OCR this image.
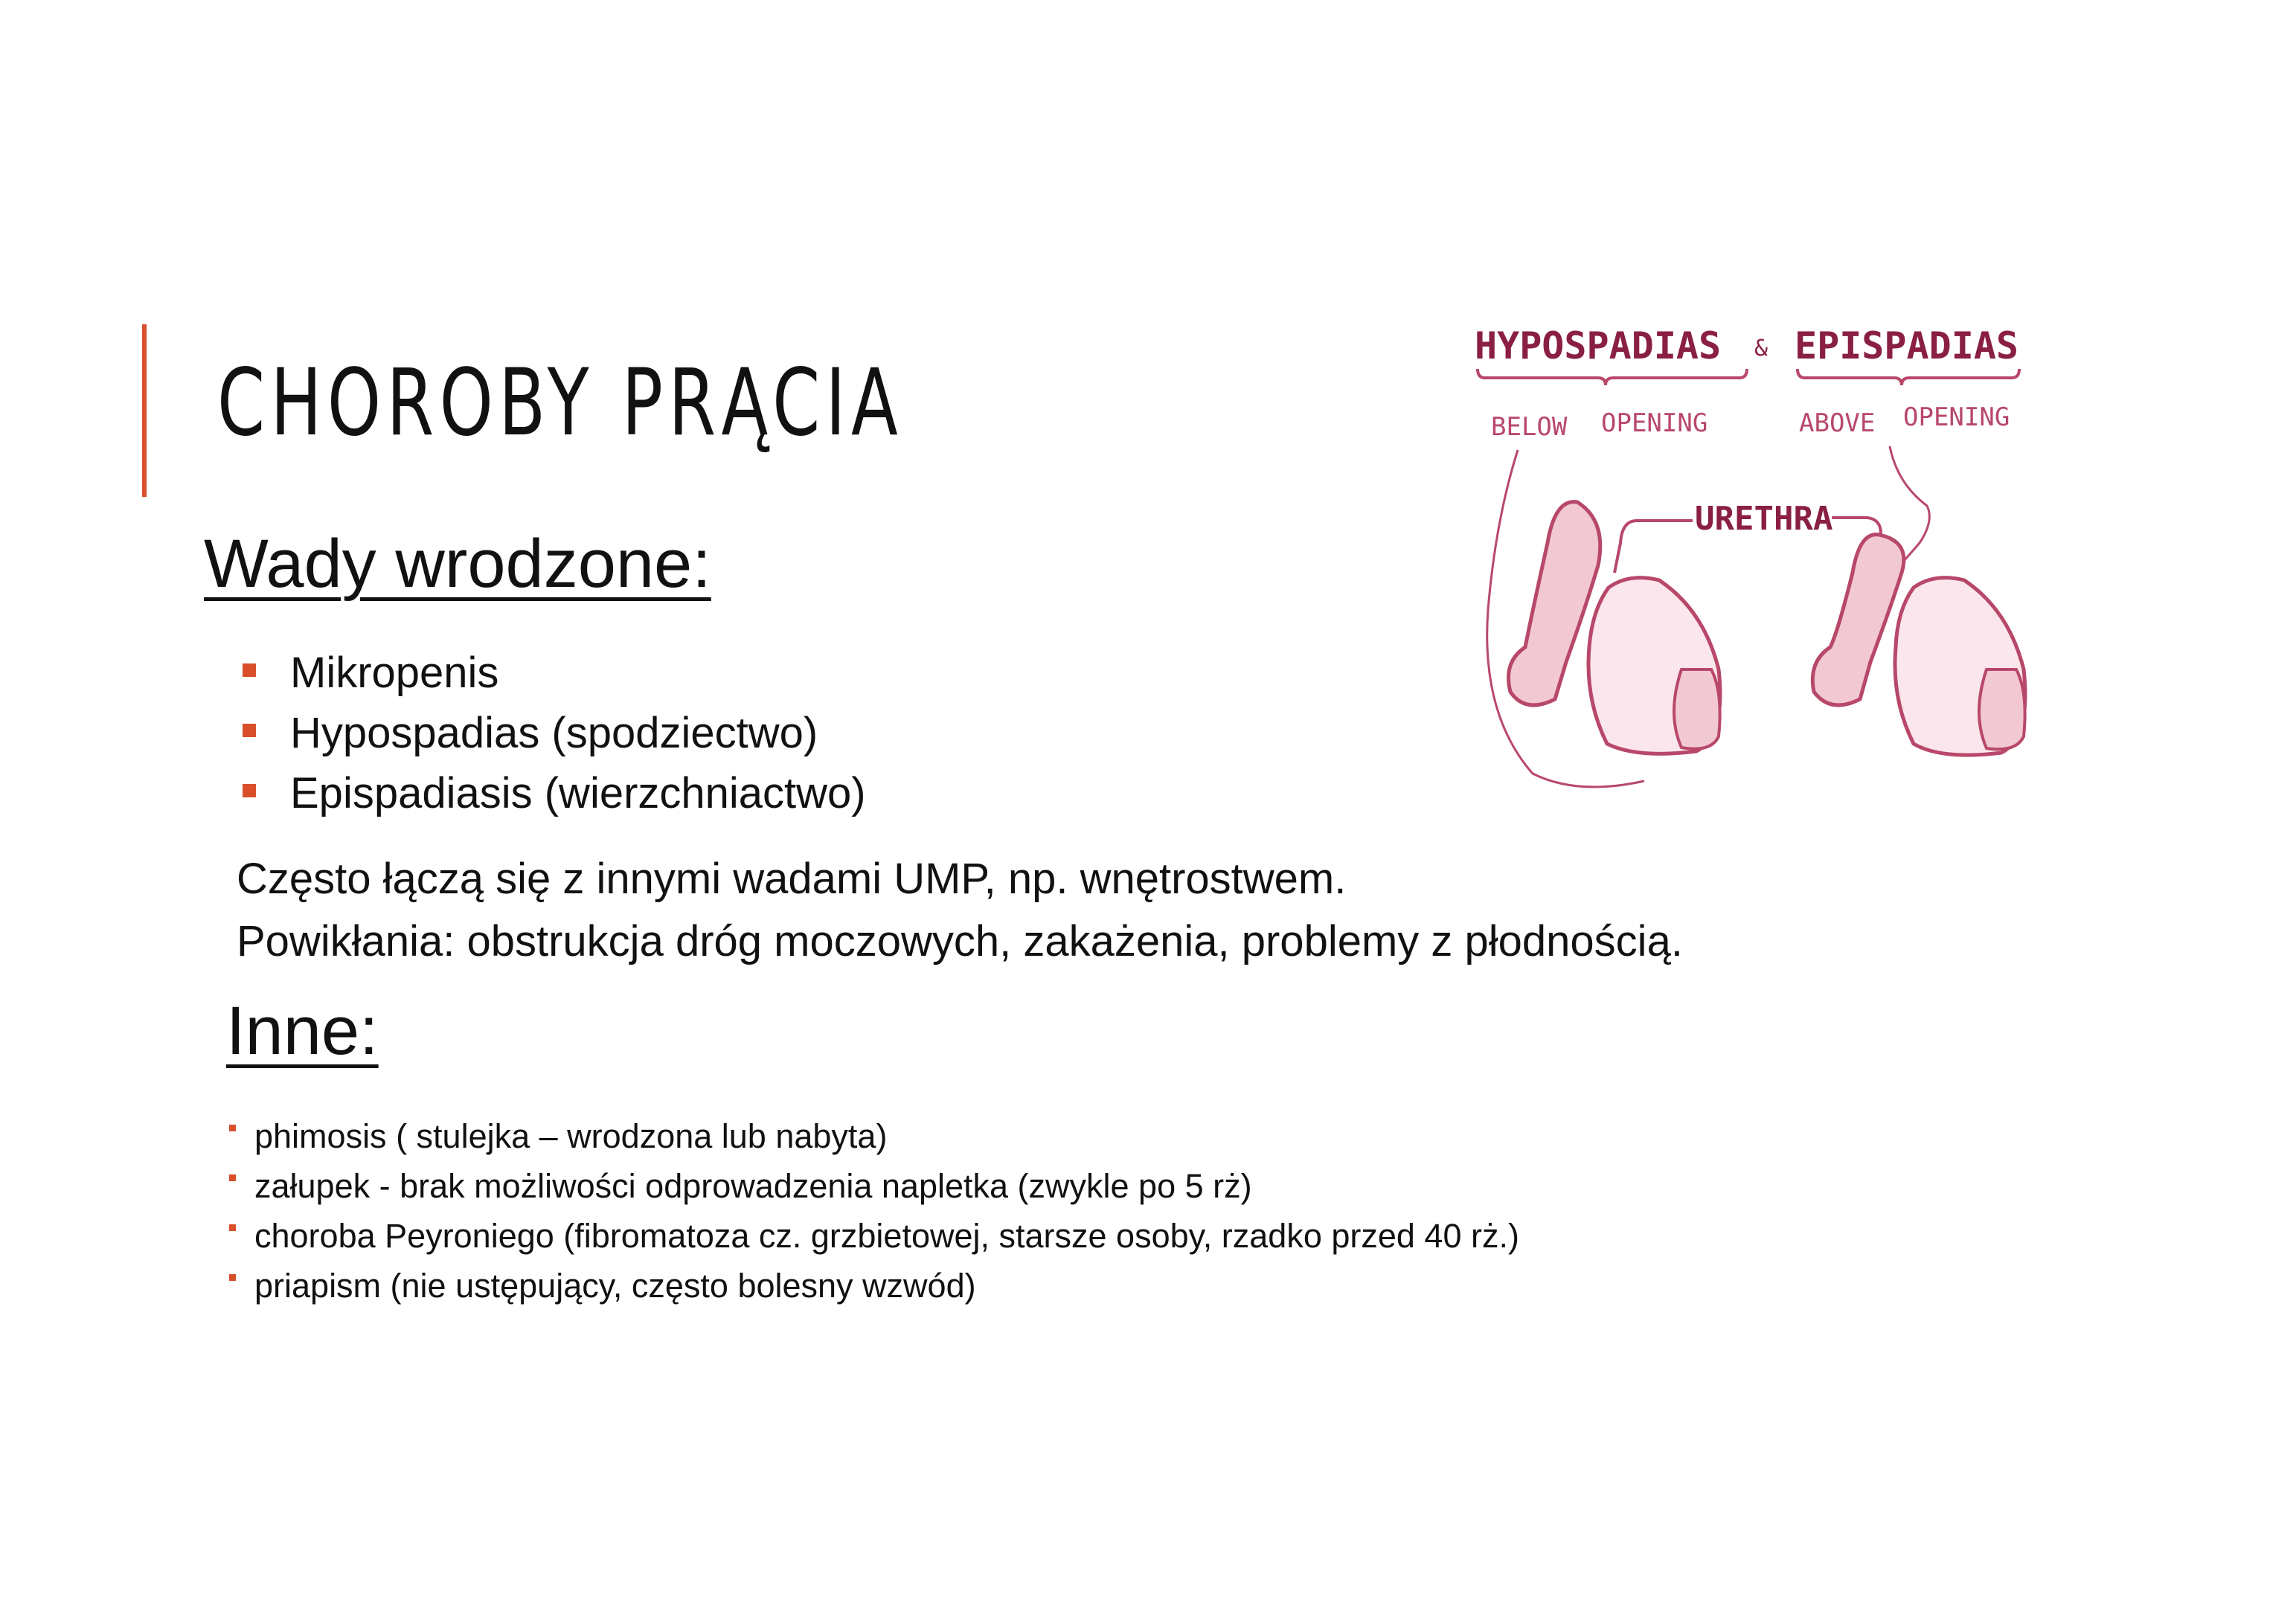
CHOROBY PRĄCIA
Wady wrodzone:
Mikropenis
Hypospadias (spodziectwo)
Epispadiasis (wierzchniactwo)
Często łączą się z innymi wadami UMP, np. wnętrostwem.
Powikłania: obstrukcja dróg moczowych, zakażenia, problemy z płodnością.
Inne:
phimosis ( stulejka – wrodzona lub nabyta)
załupek - brak możliwości odprowadzenia napletka (zwykle po 5 rż)
choroba Peyroniego (fibromatoza cz. grzbietowej, starsze osoby, rzadko przed 40 rż.)
priapism (nie ustępujący, często bolesny wzwód)
HYPOSPADIAS & EPISPADIAS
BELOW OPENING	ABOVE OPENING
URETHRA
